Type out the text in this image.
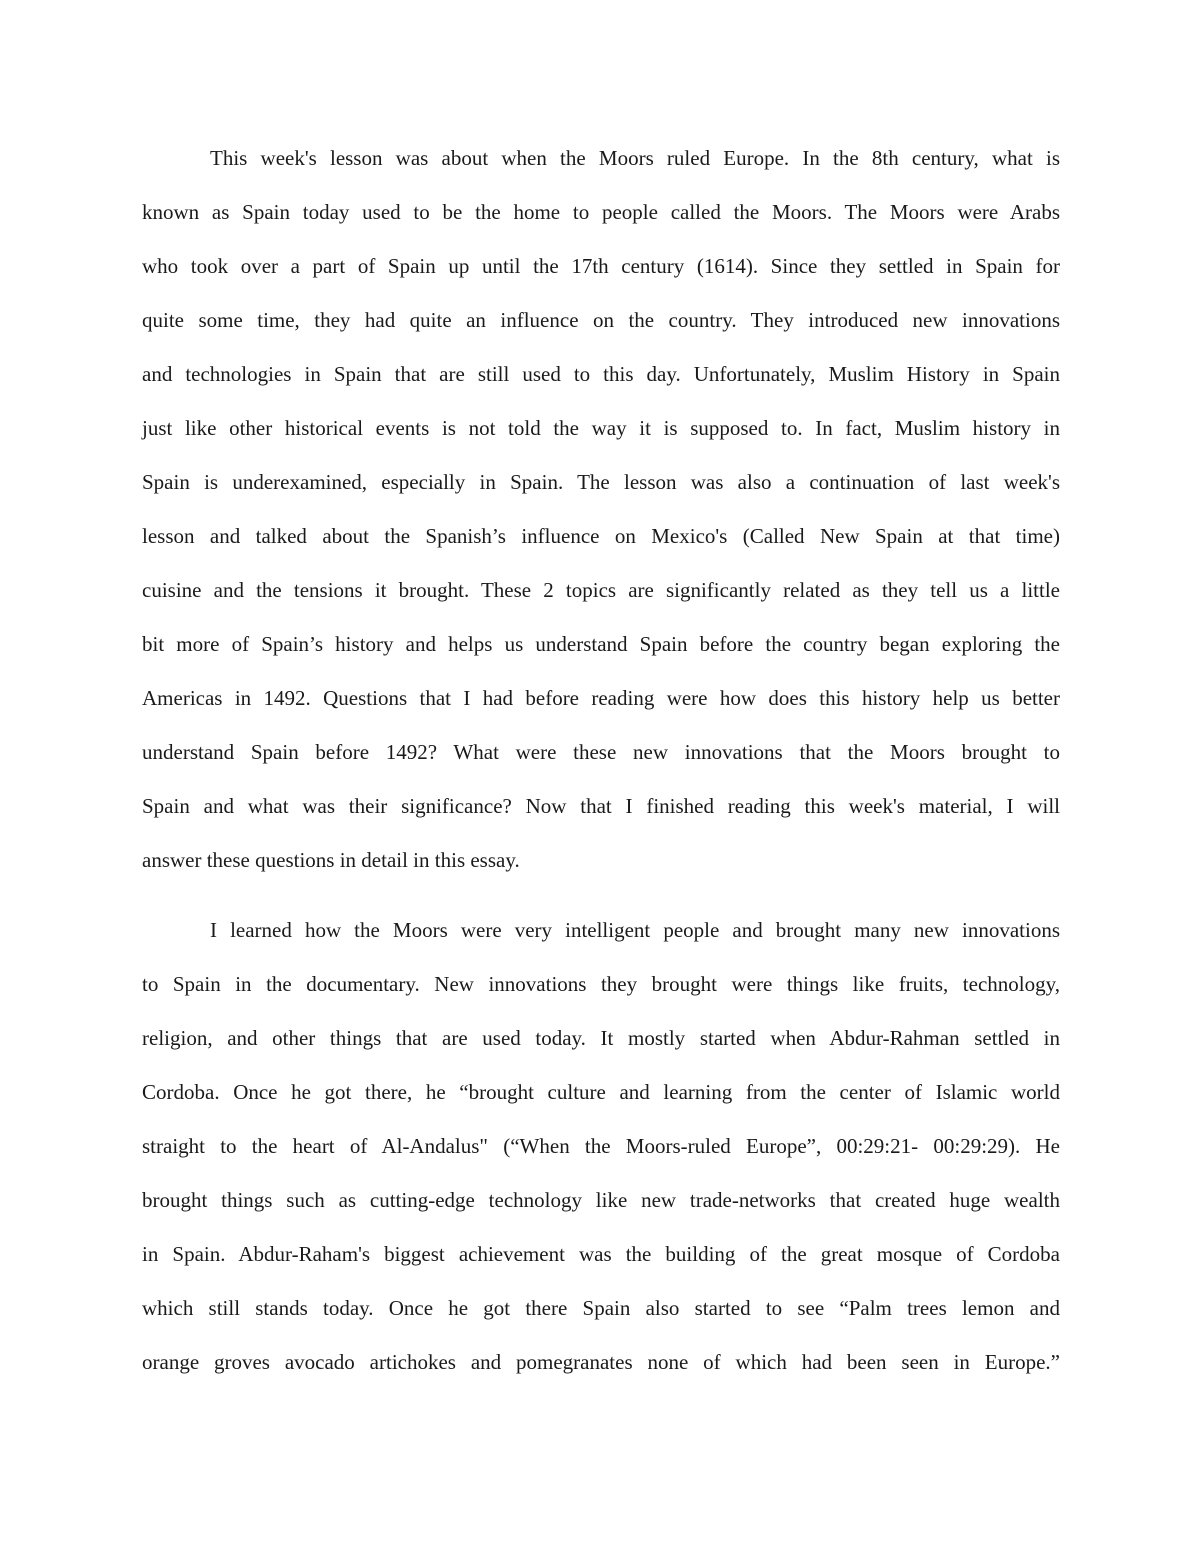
This week's lesson was about when the Moors ruled Europe. In the 8th century, what is
known as Spain today used to be the home to people called the Moors. The Moors were Arabs
who took over a part of Spain up until the 17th century (1614). Since they settled in Spain for
quite some time, they had quite an influence on the country. They introduced new innovations
and technologies in Spain that are still used to this day. Unfortunately, Muslim History in Spain
just like other historical events is not told the way it is supposed to. In fact, Muslim history in
Spain is underexamined, especially in Spain. The lesson was also a continuation of last week's
lesson and talked about the Spanish’s influence on Mexico's (Called New Spain at that time)
cuisine and the tensions it brought. These 2 topics are significantly related as they tell us a little
bit more of Spain’s history and helps us understand Spain before the country began exploring the
Americas in 1492. Questions that I had before reading were how does this history help us better
understand Spain before 1492? What were these new innovations that the Moors brought to
Spain and what was their significance? Now that I finished reading this week's material, I will
answer these questions in detail in this essay.
I learned how the Moors were very intelligent people and brought many new innovations
to Spain in the documentary. New innovations they brought were things like fruits, technology,
religion, and other things that are used today. It mostly started when Abdur-Rahman settled in
Cordoba. Once he got there, he “brought culture and learning from the center of Islamic world
straight to the heart of Al-Andalus" (“When the Moors-ruled Europe”, 00:29:21- 00:29:29). He
brought things such as cutting-edge technology like new trade-networks that created huge wealth
in Spain. Abdur-Raham's biggest achievement was the building of the great mosque of Cordoba
which still stands today. Once he got there Spain also started to see “Palm trees lemon and
orange groves avocado artichokes and pomegranates none of which had been seen in Europe.”
